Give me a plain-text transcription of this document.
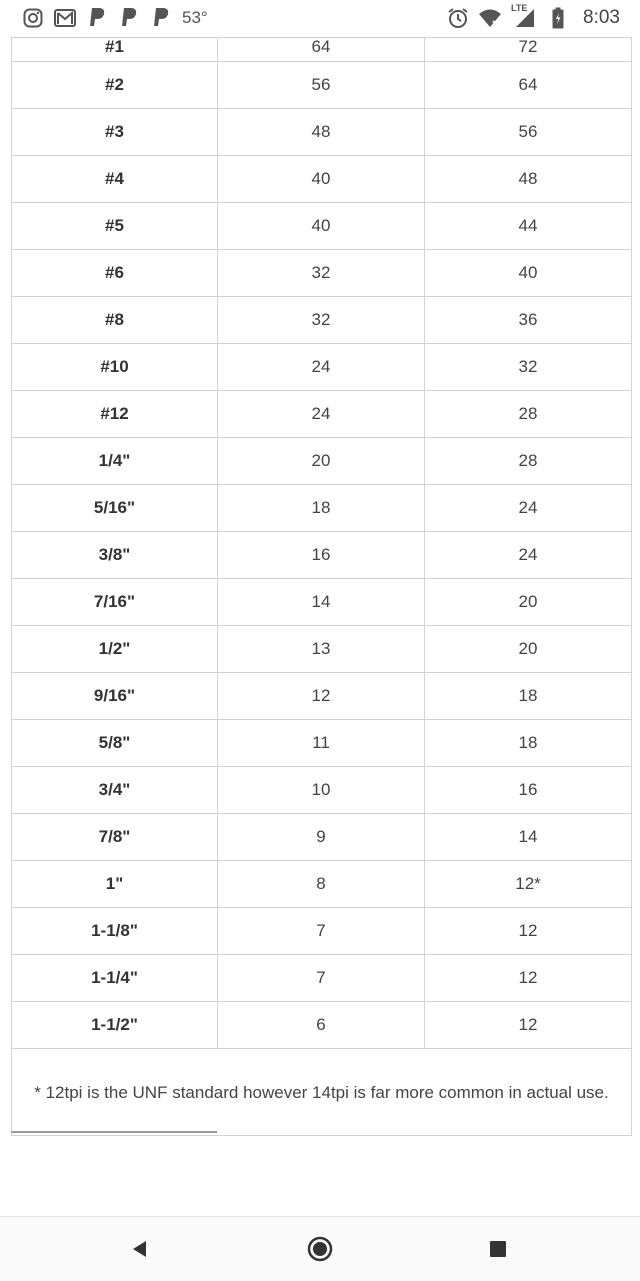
53°	LTE	8:03
#1	64	72

#2	56	64
#3	48	56
#4	40	48
#5	40	44
#6	32	40
#8	32	36
#10	24	32
#12	24	28
1/4"	20	28
5/16"	18	24
3/8"	16	24
7/16"	14	20
1/2"	13	20
9/16"	12	18
5/8"	11	18
3/4"	10	16
7/8"	9	14
1"	8	12*
1-1/8"	7	12
1-1/4"	7	12
1-1/2"	6	12
* 12tpi is the UNF standard however 14tpi is far more common in actual use.		
